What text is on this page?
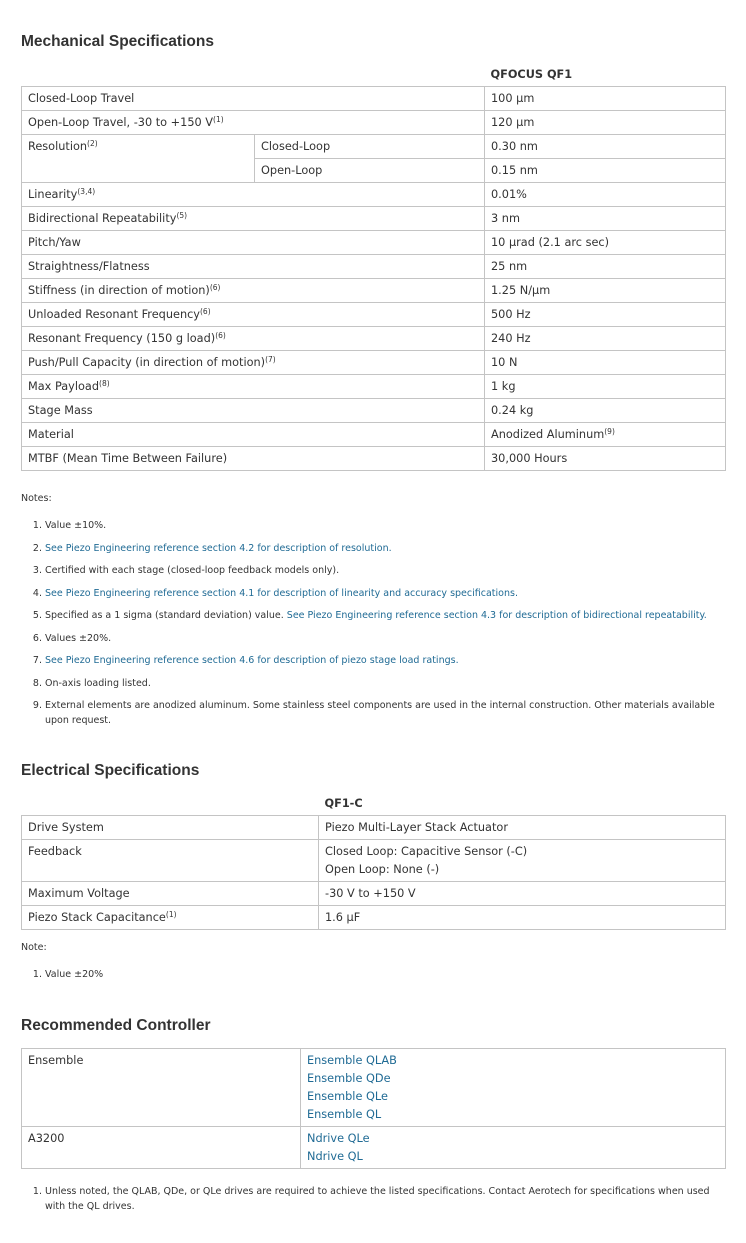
Mechanical Specifications
		QFOCUS QF1
Closed-Loop Travel		100 µm
Open-Loop Travel, -30 to +150 $V^{(1)}$		120 µm
Resolution$^{(2)}$	Closed-Loop	0.30 nm
	Open-Loop	0.15 nm
Linearity$^{(3,4)}$		0.01%
Bidirectional Repeatability$^{(5)}$		3 nm
Pitch/Yaw		10 µrad (2.1 arc sec)
Straightness/Flatness		25 nm
Stiffness (in direction of motion)$^{(6)}$		1.25 N/µm
Unloaded Resonant Frequency$^{(6)}$		500 Hz
Resonant Frequency (150 g load)$^{(6)}$		240 Hz
Push/Pull Capacity (in direction of motion)$^{(7)}$		10 N
Max Payload$^{(8)}$		1 kg
Stage Mass		0.24 kg
Material		Anodized Aluminum$^{(9)}$
MTBF (Mean Time Between Failure)		30,000 Hours
Notes:
1. Value ±10%.
2. See Piezo Engineering reference section 4.2 for description of resolution.
3. Certified with each stage (closed-loop feedback models only).
4. See Piezo Engineering reference section 4.1 for description of linearity and accuracy specifications.
5. Specified as a 1 sigma (standard deviation) value. See Piezo Engineering reference section 4.3 for description of bidirectional repeatability.
6. Values ±20%.
7. See Piezo Engineering reference section 4.6 for description of piezo stage load ratings.
8. On-axis loading listed.
9. External elements are anodized aluminum. Some stainless steel components are used in the internal construction. Other materials available upon request.
Electrical Specifications
	QF1-C
Drive System	Piezo Multi-Layer Stack Actuator

Feedback	Closed Loop: Capacitive Sensor (-C)
Open Loop: None (-)

Maximum Voltage	-30 V to +150 V

Piezo Stack Capacitance$^{(1)}$	1.6 µF
Note:
1. Value ±20%
Recommended Controller
Ensemble	Ensemble QLAB
Ensemble QDe
Ensemble QLe
Ensemble QL

A3200	Ndrive QLe
Ndrive QL
1. Unless noted, the QLAB, QDe, or QLe drives are required to achieve the listed specifications. Contact Aerotech for specifications when used with the QL drives.
